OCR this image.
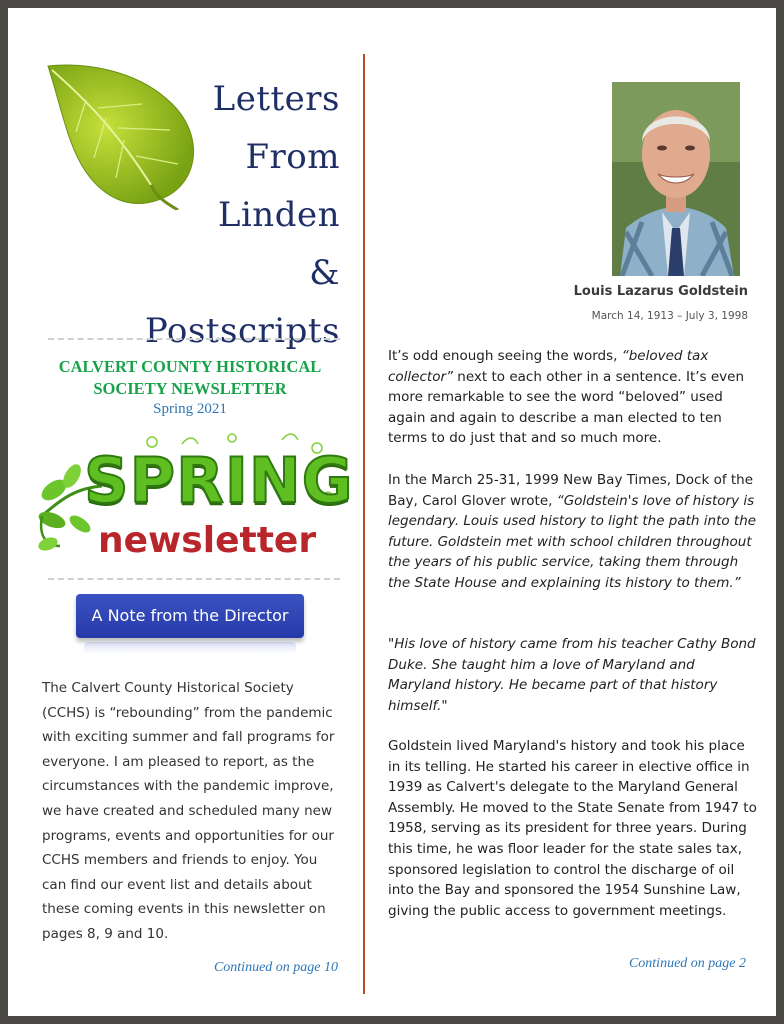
Letters
From
Linden
& Postscripts
CALVERT COUNTY HISTORICAL
SOCIETY NEWSLETTER
Spring 2021
SPRING
newsletter
A Note from the Director
The Calvert County Historical Society (CCHS) is “rebounding” from the pandemic with exciting summer and fall programs for everyone. I am pleased to report, as the circumstances with the pandemic improve, we have created and scheduled many new programs, events and opportunities for our CCHS members and friends to enjoy. You can find our event list and details about these coming events in this newsletter on pages 8, 9 and 10.
Continued on page 10
Louis Lazarus Goldstein
March 14, 1913 – July 3, 1998

It’s odd enough seeing the words, “beloved tax collector” next to each other in a sentence. It’s even more remarkable to see the word “beloved” used again and again to describe a man elected to ten terms to do just that and so much more.

In the March 25-31, 1999 New Bay Times, Dock of the Bay, Carol Glover wrote, “Goldstein's love of history is legendary. Louis used history to light the path into the future. Goldstein met with school children throughout the years of his public service, taking them through the State House and explaining its history to them.”

"His love of history came from his teacher Cathy Bond Duke. She taught him a love of Maryland and Maryland history. He became part of that history himself."

Goldstein lived Maryland's history and took his place in its telling. He started his career in elective office in 1939 as Calvert's delegate to the Maryland General Assembly. He moved to the State Senate from 1947 to 1958, serving as its president for three years. During this time, he was floor leader for the state sales tax, sponsored legislation to control the discharge of oil into the Bay and sponsored the 1954 Sunshine Law, giving the public access to government meetings.

Continued on page 2
